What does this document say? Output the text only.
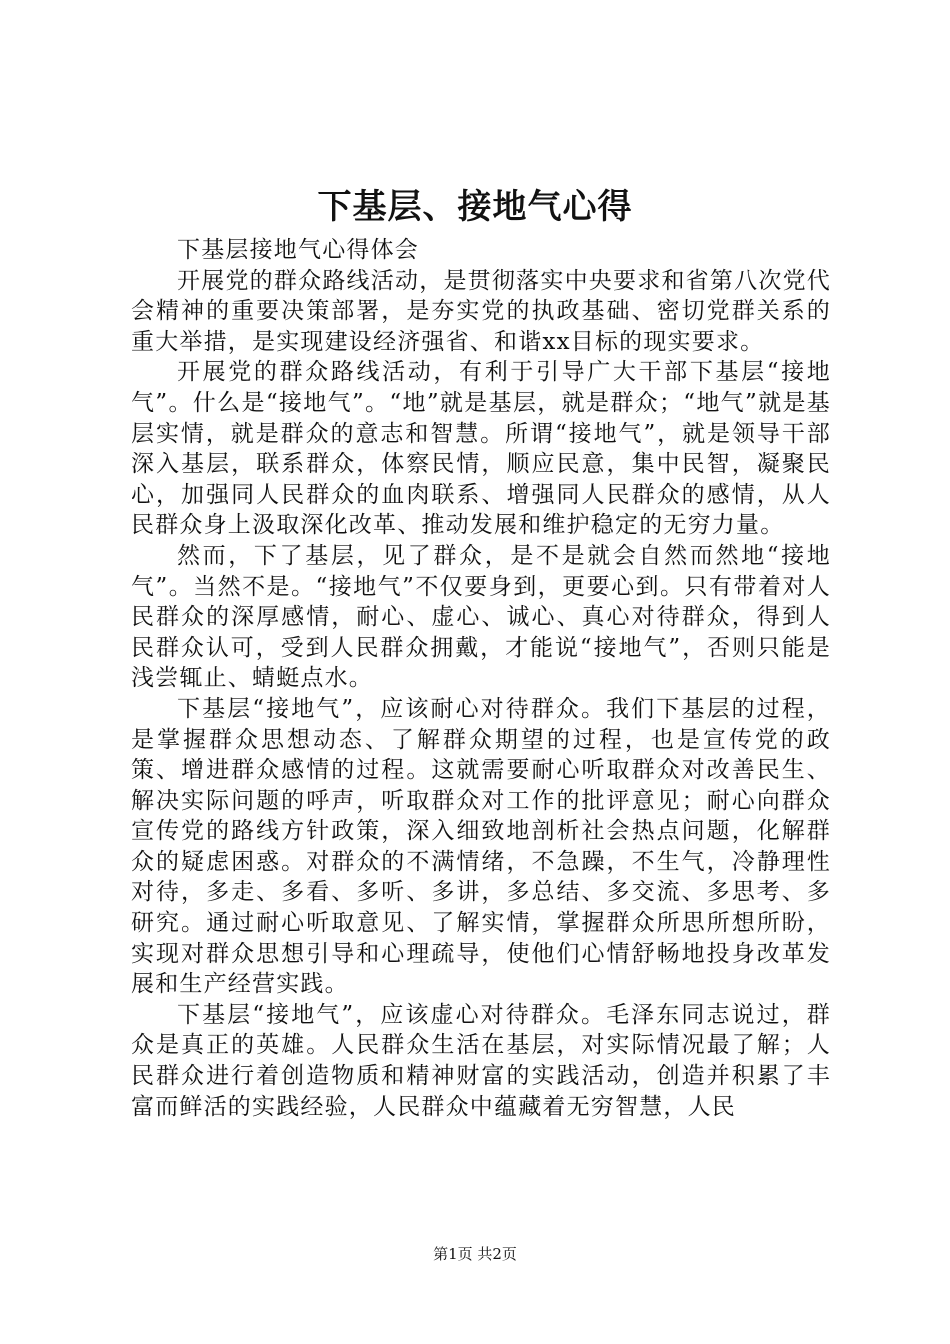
下基层、接地气心得

下基层接地气心得体会

开展党的群众路线活动，是贯彻落实中央要求和省第八次党代会精神的重要决策部署，是夯实党的执政基础、密切党群关系的重大举措，是实现建设经济强省、和谐xx目标的现实要求。

开展党的群众路线活动，有利于引导广大干部下基层“接地气”。什么是“接地气”。“地”就是基层，就是群众；“地气”就是基层实情，就是群众的意志和智慧。所谓“接地气”，就是领导干部深入基层，联系群众，体察民情，顺应民意，集中民智，凝聚民心，加强同人民群众的血肉联系、增强同人民群众的感情，从人民群众身上汲取深化改革、推动发展和维护稳定的无穷力量。

然而，下了基层，见了群众，是不是就会自然而然地“接地气”。当然不是。“接地气”不仅要身到，更要心到。只有带着对人民群众的深厚感情，耐心、虚心、诚心、真心对待群众，得到人民群众认可，受到人民群众拥戴，才能说“接地气”，否则只能是浅尝辄止、蜻蜓点水。

下基层“接地气”，应该耐心对待群众。我们下基层的过程，是掌握群众思想动态、了解群众期望的过程，也是宣传党的政策、增进群众感情的过程。这就需要耐心听取群众对改善民生、解决实际问题的呼声，听取群众对工作的批评意见；耐心向群众宣传党的路线方针政策，深入细致地剖析社会热点问题，化解群众的疑虑困惑。对群众的不满情绪，不急躁，不生气，冷静理性对待，多走、多看、多听、多讲，多总结、多交流、多思考、多研究。通过耐心听取意见、了解实情，掌握群众所思所想所盼，实现对群众思想引导和心理疏导，使他们心情舒畅地投身改革发展和生产经营实践。

下基层“接地气”，应该虚心对待群众。毛泽东同志说过，群众是真正的英雄。人民群众生活在基层，对实际情况最了解；人民群众进行着创造物质和精神财富的实践活动，创造并积累了丰富而鲜活的实践经验，人民群众中蕴藏着无穷智慧，人民

第1页 共2页
